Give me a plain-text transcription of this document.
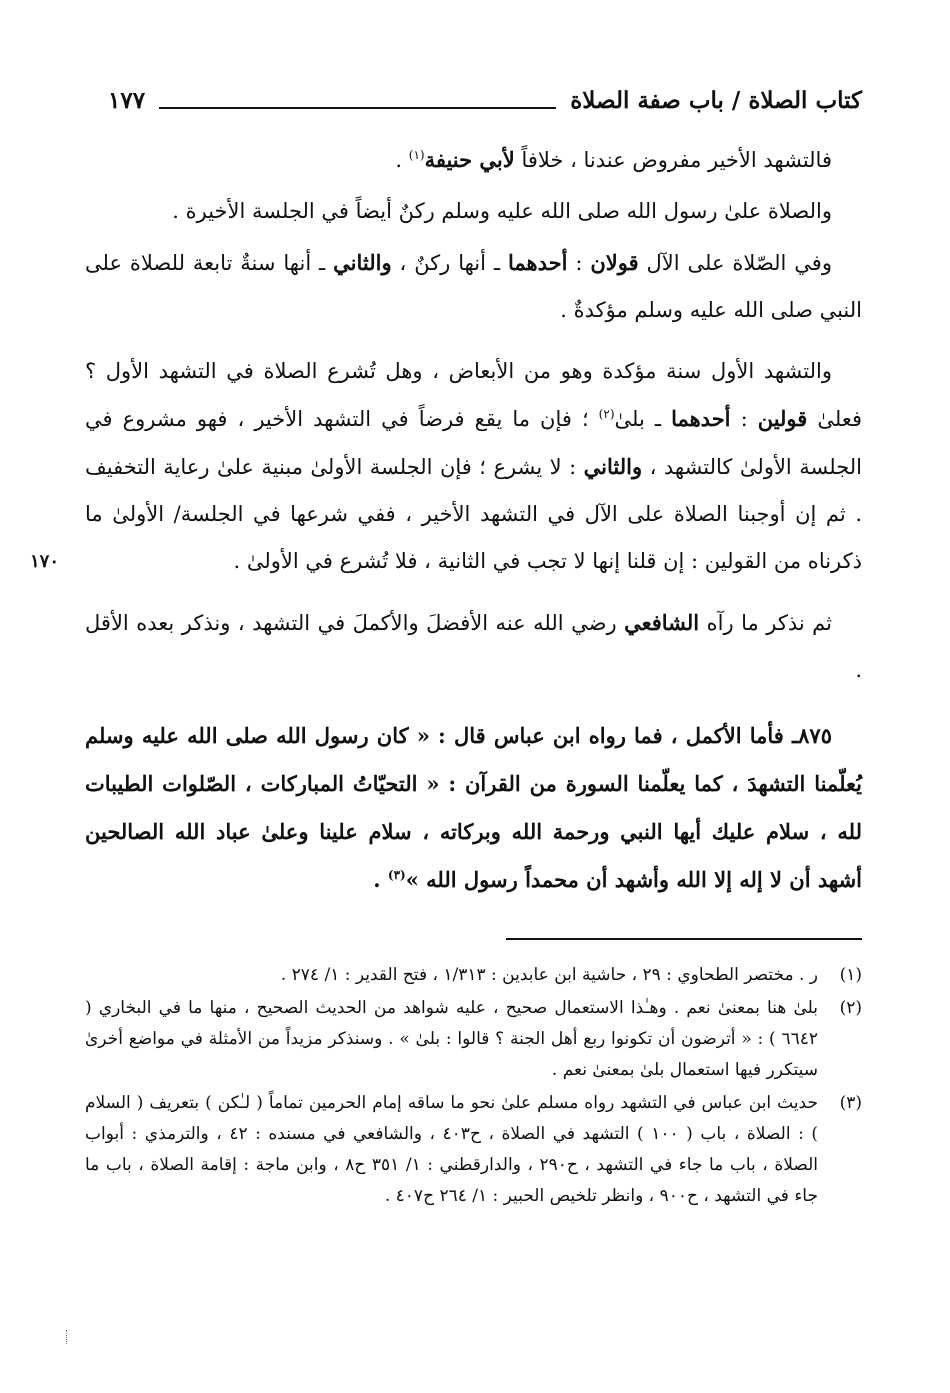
كتاب الصلاة / باب صفة الصلاة
١٧٧
١٧٠

فالتشهد الأخير مفروض عندنا ، خلافاً لأبي حنيفة$^{(١)}$ .

والصلاة علىٰ رسول الله صلى الله عليه وسلم ركنٌ أيضاً في الجلسة الأخيرة .

وفي الصّلاة على الآل قولان : أحدهما ـ أنها ركنٌ ، والثاني ـ أنها سنةٌ تابعة للصلاة على النبي صلى الله عليه وسلم مؤكدةٌ .

والتشهد الأول سنة مؤكدة وهو من الأبعاض ، وهل تُشرع الصلاة في التشهد الأول ؟ فعلىٰ قولين : أحدهما ـ بلىٰ$^{(٢)}$ ؛ فإن ما يقع فرضاً في التشهد الأخير ، فهو مشروع في الجلسة الأولىٰ كالتشهد ، والثاني : لا يشرع ؛ فإن الجلسة الأولىٰ مبنية علىٰ رعاية التخفيف . ثم إن أوجبنا الصلاة على الآل في التشهد الأخير ، ففي شرعها في الجلسة/ الأولىٰ ما ذكرناه من القولين : إن قلنا إنها لا تجب في الثانية ، فلا تُشرع في الأولىٰ .

ثم نذكر ما رآه الشافعي رضي الله عنه الأفضلَ والأكملَ في التشهد ، ونذكر بعده الأقل .

٨٧٥ـ فأما الأكمل ، فما رواه ابن عباس قال : « كان رسول الله صلى الله عليه وسلم يُعلّمنا التشهدَ ، كما يعلّمنا السورة من القرآن : « التحيّاتُ المباركات ، الصّلوات الطيبات لله ، سلام عليك أيها النبي ورحمة الله وبركاته ، سلام علينا وعلىٰ عباد الله الصالحين أشهد أن لا إله إلا الله وأشهد أن محمداً رسول الله »$^{(٣)}$ .

(١)
ر . مختصر الطحاوي : ٢٩ ، حاشية ابن عابدين : ١/٣١٣ ، فتح القدير : ١/ ٢٧٤ .
(٢)
بلىٰ هنا بمعنىٰ نعم . وهـٰذا الاستعمال صحيح ، عليه شواهد من الحديث الصحيح ، منها ما في البخاري ( ٦٦٤٢ ) : « أترضون أن تكونوا ربع أهل الجنة ؟ قالوا : بلىٰ » . وسنذكر مزيداً من الأمثلة في مواضع أخرىٰ سيتكرر فيها استعمال بلىٰ بمعنىٰ نعم .
(٣)
حديث ابن عباس في التشهد رواه مسلم علىٰ نحو ما ساقه إمام الحرمين تماماً ( لـٰكن ) بتعريف ( السلام ) : الصلاة ، باب ( ١٠٠ ) التشهد في الصلاة ، ح٤٠٣ ، والشافعي في مسنده : ٤٢ ، والترمذي : أبواب الصلاة ، باب ما جاء في التشهد ، ح٢٩٠ ، والدارقطني : ١/ ٣٥١ ح٨ ، وابن ماجة : إقامة الصلاة ، باب ما جاء في التشهد ، ح٩٠٠ ، وانظر تلخيص الحبير : ١/ ٢٦٤ ح٤٠٧ .
